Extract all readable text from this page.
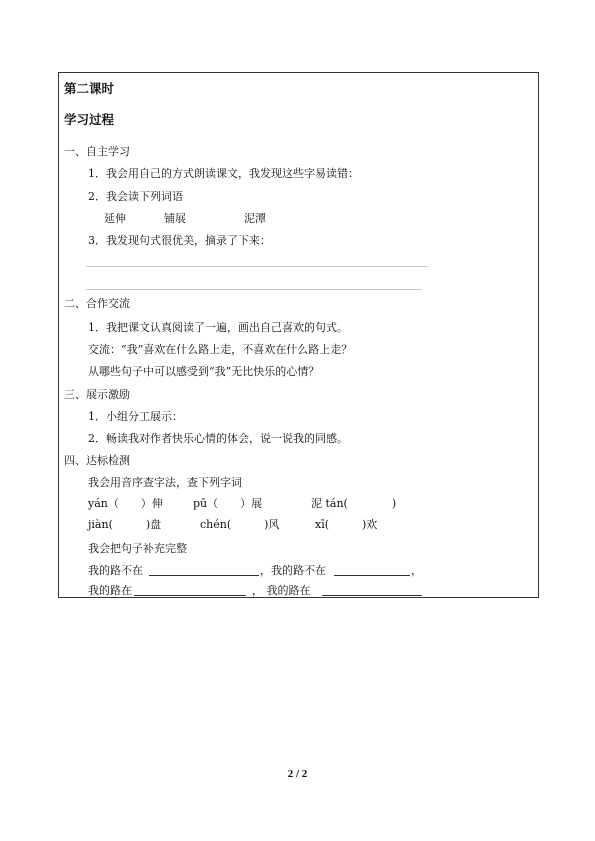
第二课时
学习过程
一、自主学习
1．我会用自己的方式朗读课文，我发现这些字易读错：
2．我会读下列词语
延伸	铺展	泥潭
3．我发现句式很优美，摘录了下来：
二、合作交流
1．我把课文认真阅读了一遍，画出自己喜欢的句式。
交流：“我”喜欢在什么路上走，不喜欢在什么路上走？
从哪些句子中可以感受到“我”无比快乐的心情？
三、展示激励
1．小组分工展示：
2．畅读我对作者快乐心情的体会，说一说我的同感。
四、达标检测
我会用音序查字法，查下列字词
yán（　　）伸	pū（　　）展	泥 tán(　　　　)
jiàn(　　　)盘	chén(　　　)风	xī(　　　)欢
我会把句子补充完整
我的路不在	，我的路不在	，
我的路在	， 我的路在
2 / 2
